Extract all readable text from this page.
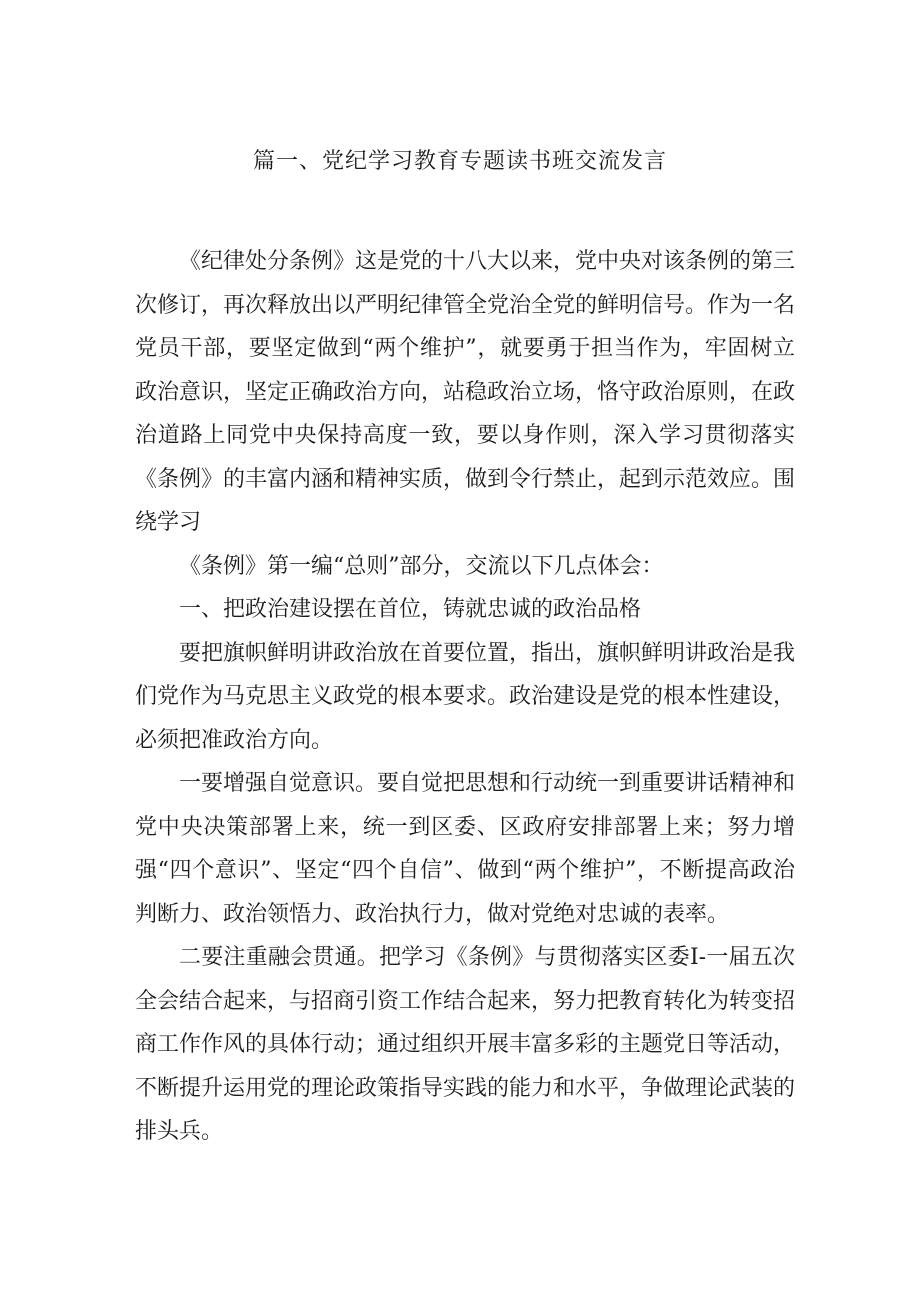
篇一、党纪学习教育专题读书班交流发言

《纪律处分条例》这是党的十八大以来，党中央对该条例的第三次修订，再次释放出以严明纪律管全党治全党的鲜明信号。作为一名党员干部，要坚定做到“两个维护”，就要勇于担当作为，牢固树立政治意识，坚定正确政治方向，站稳政治立场，恪守政治原则，在政治道路上同党中央保持高度一致，要以身作则，深入学习贯彻落实《条例》的丰富内涵和精神实质，做到令行禁止，起到示范效应。围绕学习

《条例》第一编“总则”部分，交流以下几点体会：

一、把政治建设摆在首位，铸就忠诚的政治品格

要把旗帜鲜明讲政治放在首要位置，指出，旗帜鲜明讲政治是我们党作为马克思主义政党的根本要求。政治建设是党的根本性建设，必须把准政治方向。

一要增强自觉意识。要自觉把思想和行动统一到重要讲话精神和党中央决策部署上来，统一到区委、区政府安排部署上来；努力增强“四个意识”、坚定“四个自信”、做到“两个维护”，不断提高政治判断力、政治领悟力、政治执行力，做对党绝对忠诚的表率。

二要注重融会贯通。把学习《条例》与贯彻落实区委I-一届五次全会结合起来，与招商引资工作结合起来，努力把教育转化为转变招商工作作风的具体行动；通过组织开展丰富多彩的主题党日等活动，不断提升运用党的理论政策指导实践的能力和水平，争做理论武装的排头兵。
